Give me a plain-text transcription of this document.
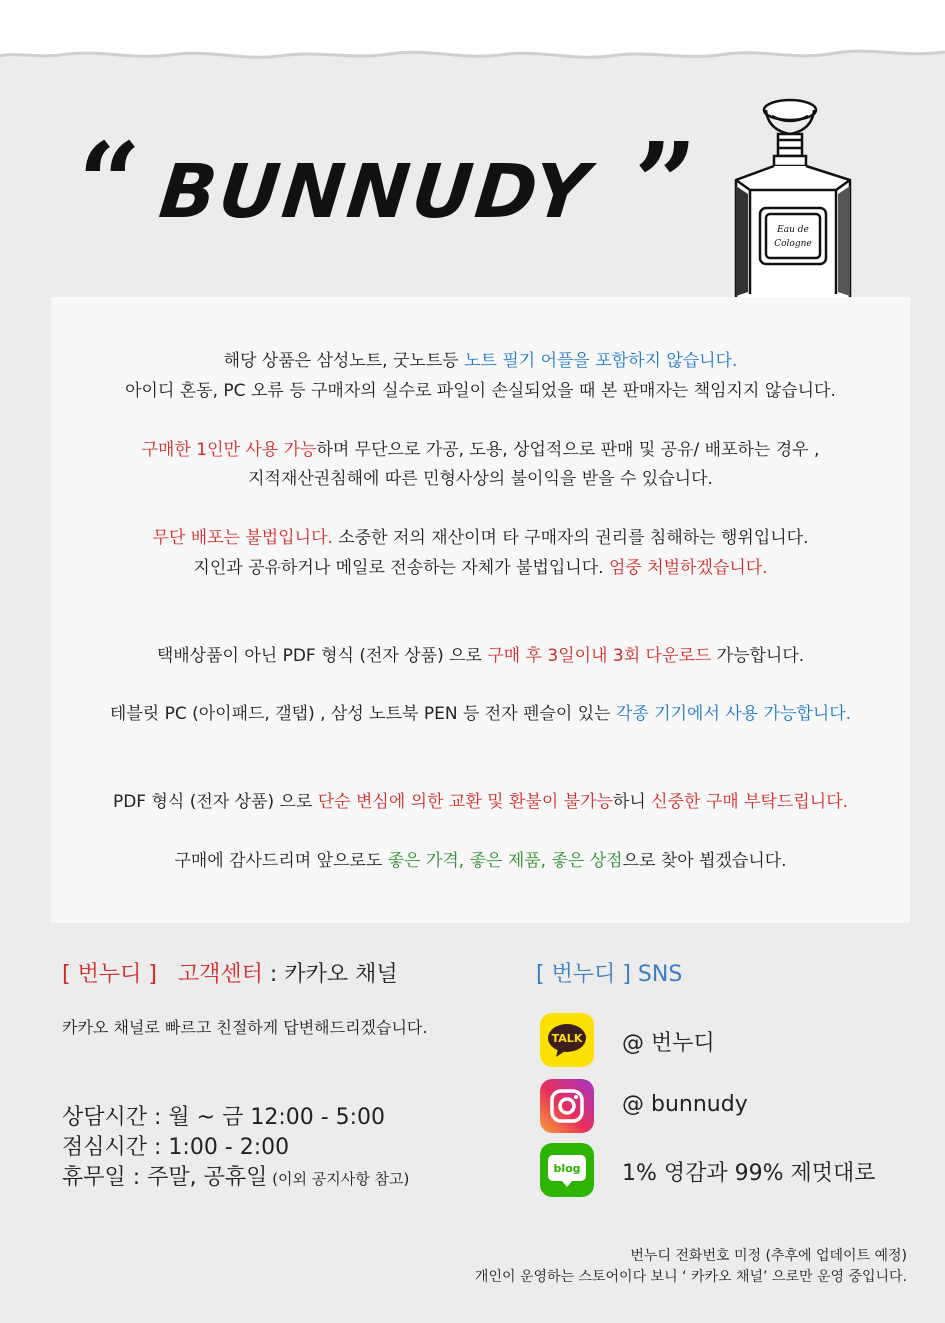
“ BUNNUDY ”	Eau de
Cologne
해당 상품은 삼성노트, 굿노트등 노트 필기 어플을 포함하지 않습니다.
아이디 혼동, PC 오류 등 구매자의 실수로 파일이 손실되었을 때 본 판매자는 책임지지 않습니다.
구매한 1인만 사용 가능하며 무단으로 가공, 도용, 상업적으로 판매 및 공유/ 배포하는 경우 ,
지적재산권침해에 따른 민형사상의 불이익을 받을 수 있습니다.
무단 배포는 불법입니다. 소중한 저의 재산이며 타 구매자의 권리를 침해하는 행위입니다.
지인과 공유하거나 메일로 전송하는 자체가 불법입니다. 엄중 처벌하겠습니다.
택배상품이 아닌 PDF 형식 (전자 상품) 으로 구매 후 3일이내 3회 다운로드 가능합니다.
테블릿 PC (아이패드, 갤탭) , 삼성 노트북 PEN 등 전자 펜슬이 있는 각종 기기에서 사용 가능합니다.
PDF 형식 (전자 상품) 으로 단순 변심에 의한 교환 및 환불이 불가능하니 신중한 구매 부탁드립니다.
구매에 감사드리며 앞으로도 좋은 가격, 좋은 제품, 좋은 상점으로 찾아 뵙겠습니다.
[ 번누디 ] 고객센터 : 카카오 채널
카카오 채널로 빠르고 친절하게 답변해드리겠습니다.
상담시간 : 월 ~ 금 12:00 - 5:00
점심시간 : 1:00 - 2:00
휴무일 : 주말, 공휴일 (이외 공지사항 참고)
[ 번누디 ] SNS
TALK @ 번누디
@ bunnudy
blog 1% 영감과 99% 제멋대로
번누디 전화번호 미정 (추후에 업데이트 예정)
개인이 운영하는 스토어이다 보니 ‘ 카카오 채널’ 으로만 운영 중입니다.
